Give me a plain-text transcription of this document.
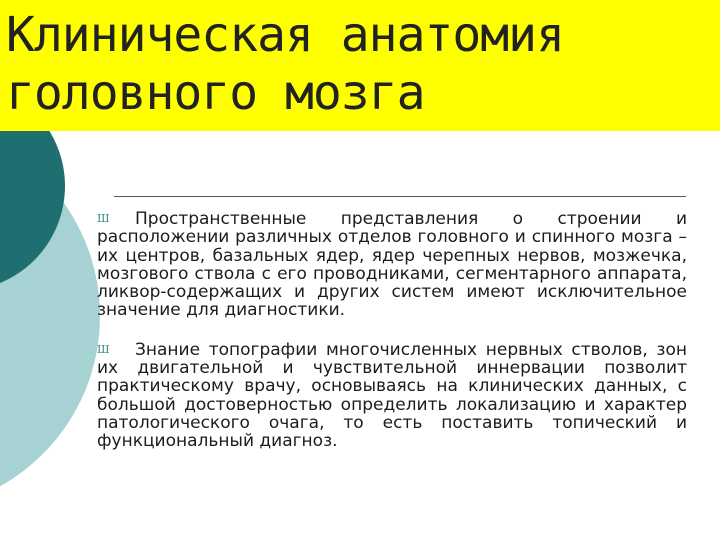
Клиническая анатомия головного мозга

Ш Пространственные представления о строении и расположении различных отделов головного и спинного мозга – их центров, базальных ядер, ядер черепных нервов, мозжечка, мозгового ствола с его проводниками, сегментарного аппарата, ликвор-содержащих и других систем имеют исключительное значение для диагностики.

Ш Знание топографии многочисленных нервных стволов, зон их двигательной и чувствительной иннервации позволит практическому врачу, основываясь на клинических данных, с большой достоверностью определить локализацию и характер патологического очага, то есть поставить топический и функциональный диагноз.
